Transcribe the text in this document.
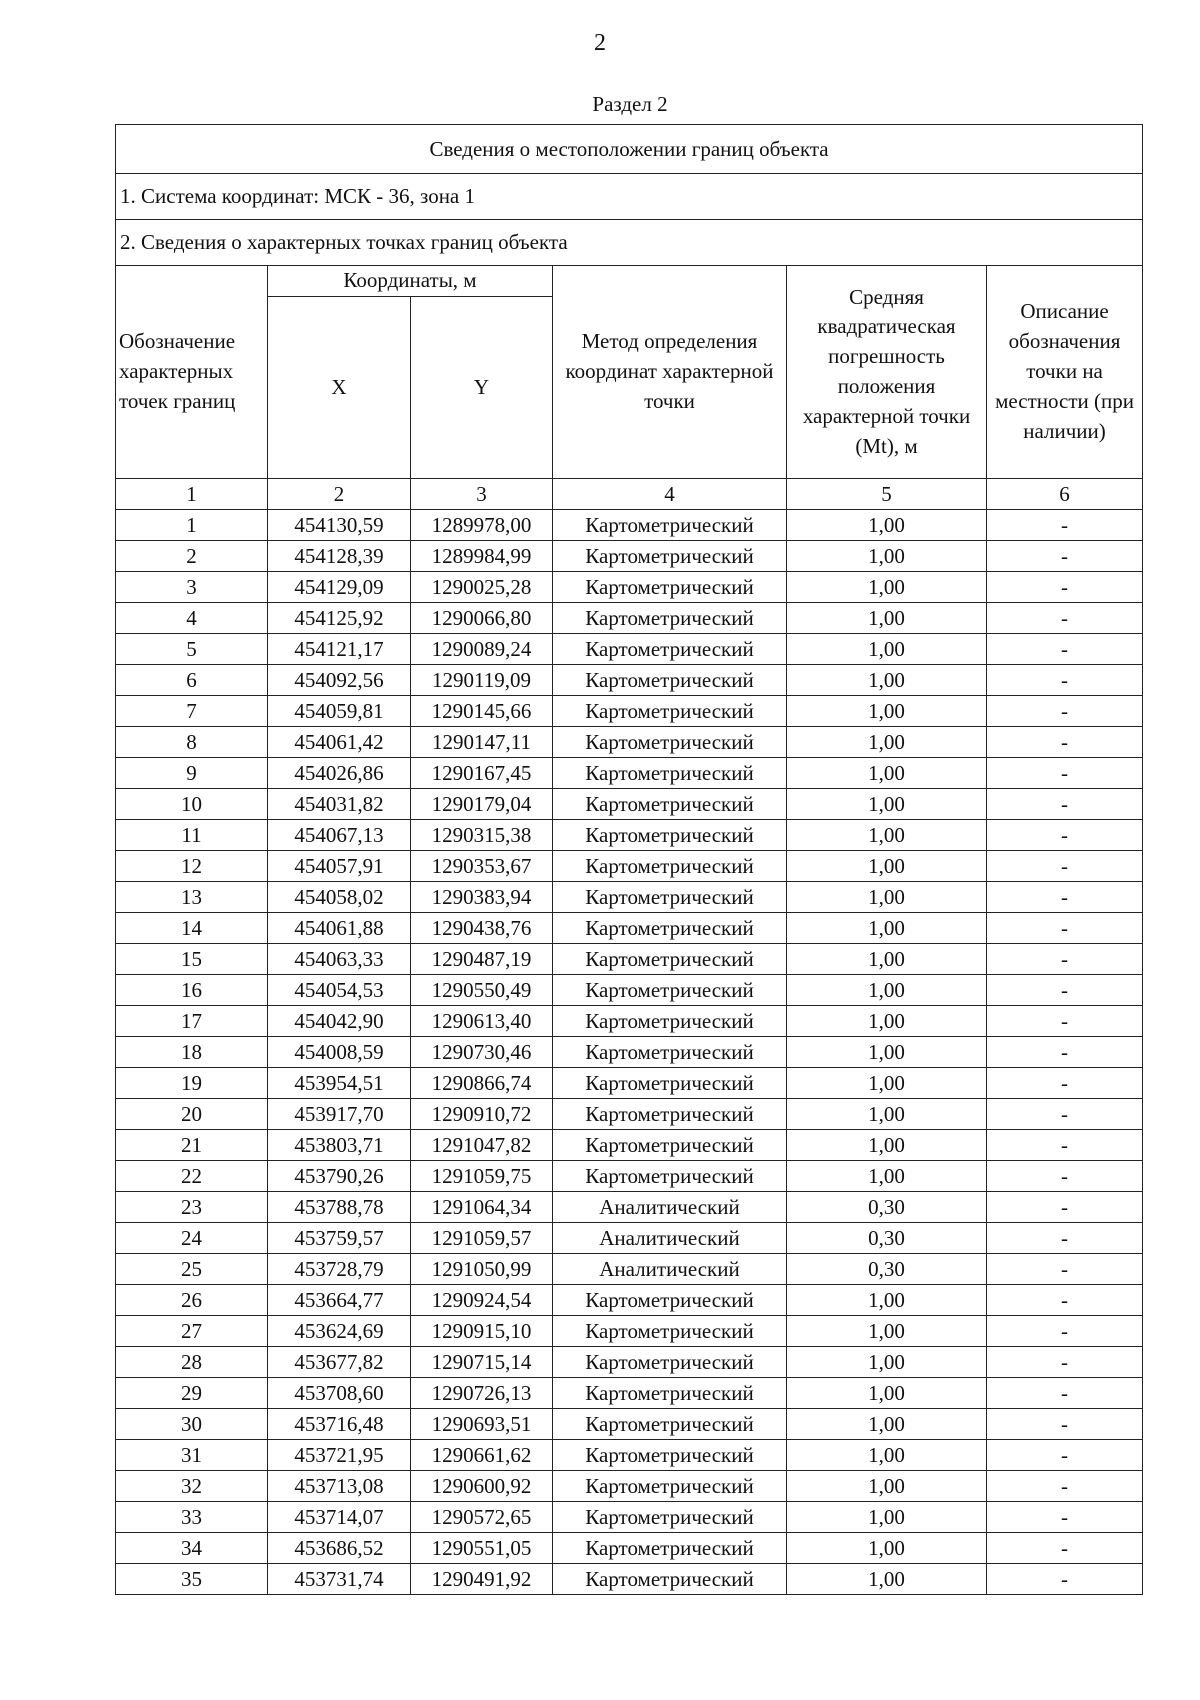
2
Раздел 2
Сведения о местоположении границ объекта					
1. Система координат: МСК - 36, зона 1					
2. Сведения о характерных точках границ объекта					
Обозначение характерных точек границ	Координаты, м		Метод определения координат характерной точки	Средняя квадратическая погрешность положения характерной точки (Mt), м	Описание обозначения точки на местности (при наличии)
	X	Y			
1	2	3	4	5	6
1	454130,59	1289978,00	Картометрический	1,00	-
2	454128,39	1289984,99	Картометрический	1,00	-
3	454129,09	1290025,28	Картометрический	1,00	-
4	454125,92	1290066,80	Картометрический	1,00	-
5	454121,17	1290089,24	Картометрический	1,00	-
6	454092,56	1290119,09	Картометрический	1,00	-
7	454059,81	1290145,66	Картометрический	1,00	-
8	454061,42	1290147,11	Картометрический	1,00	-
9	454026,86	1290167,45	Картометрический	1,00	-
10	454031,82	1290179,04	Картометрический	1,00	-
11	454067,13	1290315,38	Картометрический	1,00	-
12	454057,91	1290353,67	Картометрический	1,00	-
13	454058,02	1290383,94	Картометрический	1,00	-
14	454061,88	1290438,76	Картометрический	1,00	-
15	454063,33	1290487,19	Картометрический	1,00	-
16	454054,53	1290550,49	Картометрический	1,00	-
17	454042,90	1290613,40	Картометрический	1,00	-
18	454008,59	1290730,46	Картометрический	1,00	-
19	453954,51	1290866,74	Картометрический	1,00	-
20	453917,70	1290910,72	Картометрический	1,00	-
21	453803,71	1291047,82	Картометрический	1,00	-
22	453790,26	1291059,75	Картометрический	1,00	-
23	453788,78	1291064,34	Аналитический	0,30	-
24	453759,57	1291059,57	Аналитический	0,30	-
25	453728,79	1291050,99	Аналитический	0,30	-
26	453664,77	1290924,54	Картометрический	1,00	-
27	453624,69	1290915,10	Картометрический	1,00	-
28	453677,82	1290715,14	Картометрический	1,00	-
29	453708,60	1290726,13	Картометрический	1,00	-
30	453716,48	1290693,51	Картометрический	1,00	-
31	453721,95	1290661,62	Картометрический	1,00	-
32	453713,08	1290600,92	Картометрический	1,00	-
33	453714,07	1290572,65	Картометрический	1,00	-
34	453686,52	1290551,05	Картометрический	1,00	-
35	453731,74	1290491,92	Картометрический	1,00	-
